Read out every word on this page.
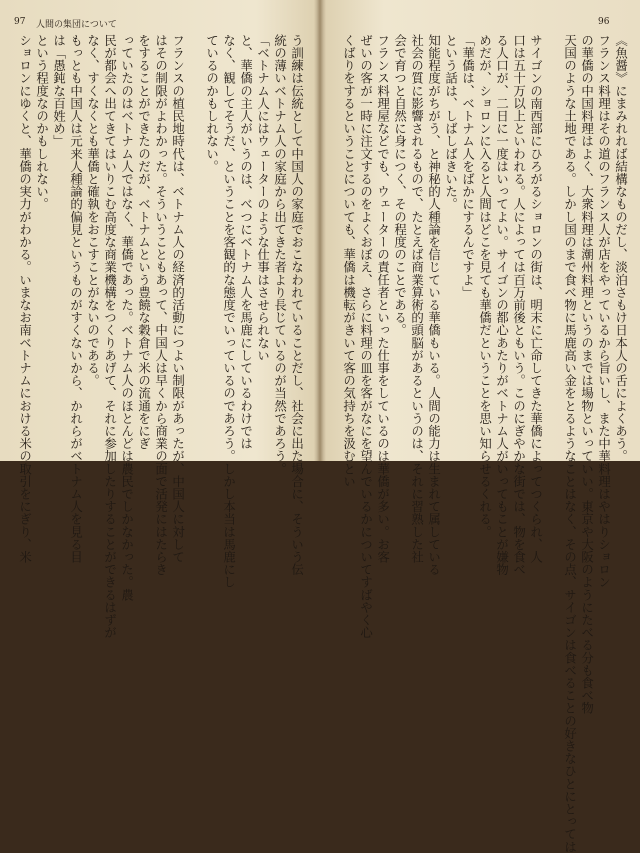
97 人間の集団について
う訓練は伝統として中国人の家庭でおこなわれていることだし、社会に出た場合に、そういう伝
統の薄いベトナム人の家庭から出てきた者より長じているのが当然であろう。
「ベトナム人にはウェーターのような仕事はさせられない
と、華僑の主人がいうのは、べつにベトナム人を馬鹿にしているわけでは
なく、観してそうだ、ということを客観的な態度でいっているのであろう。しかし本当は馬鹿にし
ているのかもしれない。
フランスの植民地時代は、ベトナム人の経済的活動につよい制限があったが、中国人に対して
はその制限がよわかった。そういうこともあって、中国人は早くから商業の面で活発にはたらき
をすることができたのだが、ベトナムという豊饒な穀倉で米の流通をにぎ
っていたのはベトナム人ではなく、華僑であった。ベトナム人のほとんどは農民でしかなかった。農
民が都会へ出てきてはいりこむ高度な商業機構をつくりあげて、それに参加したりすることができるはずが
なく、すくなくとも華僑と確執をおこすことがないのである。
もっとも中国人は元来人種論的偏見というものがすくないから、かれらがベトナム人を見る目
は「愚鈍な百姓め」
という程度なのかもしれない。
ショロンにゆくと、華僑の実力がわかる。いまなお南ベトナムにおける米の取引をにぎり、米
96
《魚醤》にまみれれば結構なものだし、淡泊さもけ日本人の舌によくあう。
フランス料理はその道のフランス人が店をやっているから旨いし、また中華料理はやはりショロン
の華僑の中国料理はよく、大衆料理は潮州料理というのまでは場物といっていい。東京や大阪のようにたべる分も食べ物
天国のような土地である。しかし国のまで食べ物に馬鹿高い金をとるようなことはなく、その点、サイゴンは食べることの好きなひとにとっては
サイゴンの南西部にひろがるショロンの街は、明末に亡命してきた華僑によってつくられ、人
口は五十万以上といわれる。人によっては百万前後ともいう。このにぎやかな街では、物を食べ
る人口が、二日に一度はいってよい。サイゴンの都心あたりがベトナム人がいってもことが嫌物
めだが、ショロンに入ると人間はどこを見ても華僑だということを思い知らせるくれる。
「華僑は、ベトナム人をばかにするんですよ」
という話は、しばしばきいた。
知能程度がちがう、と神秘的人種論を信じている華僑もいる。人間の能力は生まれて属している
社会の質に影響されるもので、たとえば商業算術的頭脳があるというのは、それに習熟した社
会で育つと自然に身につく、その程度のことである。
フランス料理屋などでも、ウェーターの責任者といった仕事をしているのは華僑が多い。お客
ぜいの客が一時に注文するのをよくおぼえ、さらに料理の皿を客がなにを望んでいるかについてすばやく心
くばりをするということについても、華僑は機転がきいて客の気持ちを汲むとい
